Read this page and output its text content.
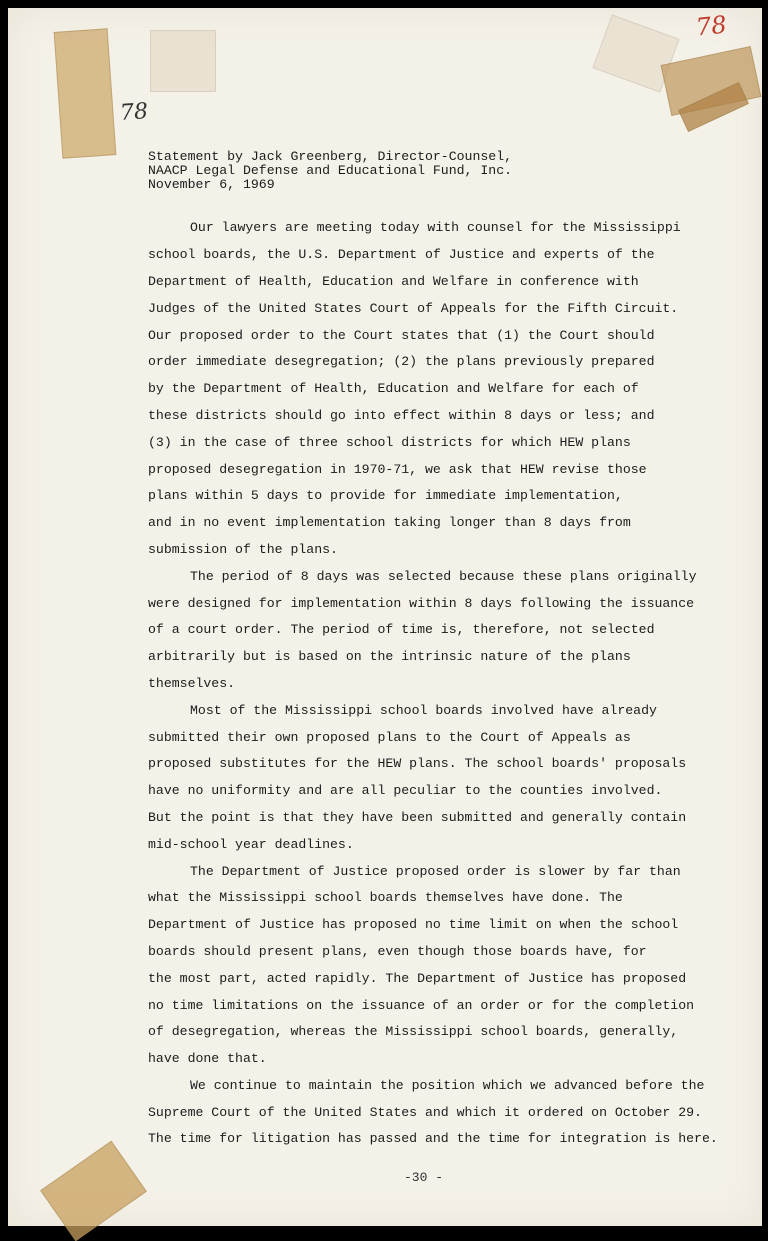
78
78
Statement by Jack Greenberg, Director-Counsel,
NAACP Legal Defense and Educational Fund, Inc.
November 6, 1969
Our lawyers are meeting today with counsel for the Mississippi
school boards, the U.S. Department of Justice and experts of the
Department of Health, Education and Welfare in conference with
Judges of the United States Court of Appeals for the Fifth Circuit.
Our proposed order to the Court states that (1) the Court should
order immediate desegregation; (2) the plans previously prepared
by the Department of Health, Education and Welfare for each of
these districts should go into effect within 8 days or less; and
(3) in the case of three school districts for which HEW plans
proposed desegregation in 1970-71, we ask that HEW revise those
plans within 5 days to provide for immediate implementation,
and in no event implementation taking longer than 8 days from
submission of the plans.
The period of 8 days was selected because these plans originally
were designed for implementation within 8 days following the issuance
of a court order. The period of time is, therefore, not selected
arbitrarily but is based on the intrinsic nature of the plans
themselves.
Most of the Mississippi school boards involved have already
submitted their own proposed plans to the Court of Appeals as
proposed substitutes for the HEW plans. The school boards' proposals
have no uniformity and are all peculiar to the counties involved.
But the point is that they have been submitted and generally contain
mid-school year deadlines.
The Department of Justice proposed order is slower by far than
what the Mississippi school boards themselves have done. The
Department of Justice has proposed no time limit on when the school
boards should present plans, even though those boards have, for
the most part, acted rapidly. The Department of Justice has proposed
no time limitations on the issuance of an order or for the completion
of desegregation, whereas the Mississippi school boards, generally,
have done that.
We continue to maintain the position which we advanced before the
Supreme Court of the United States and which it ordered on October 29.
The time for litigation has passed and the time for integration is here.
-30 -
